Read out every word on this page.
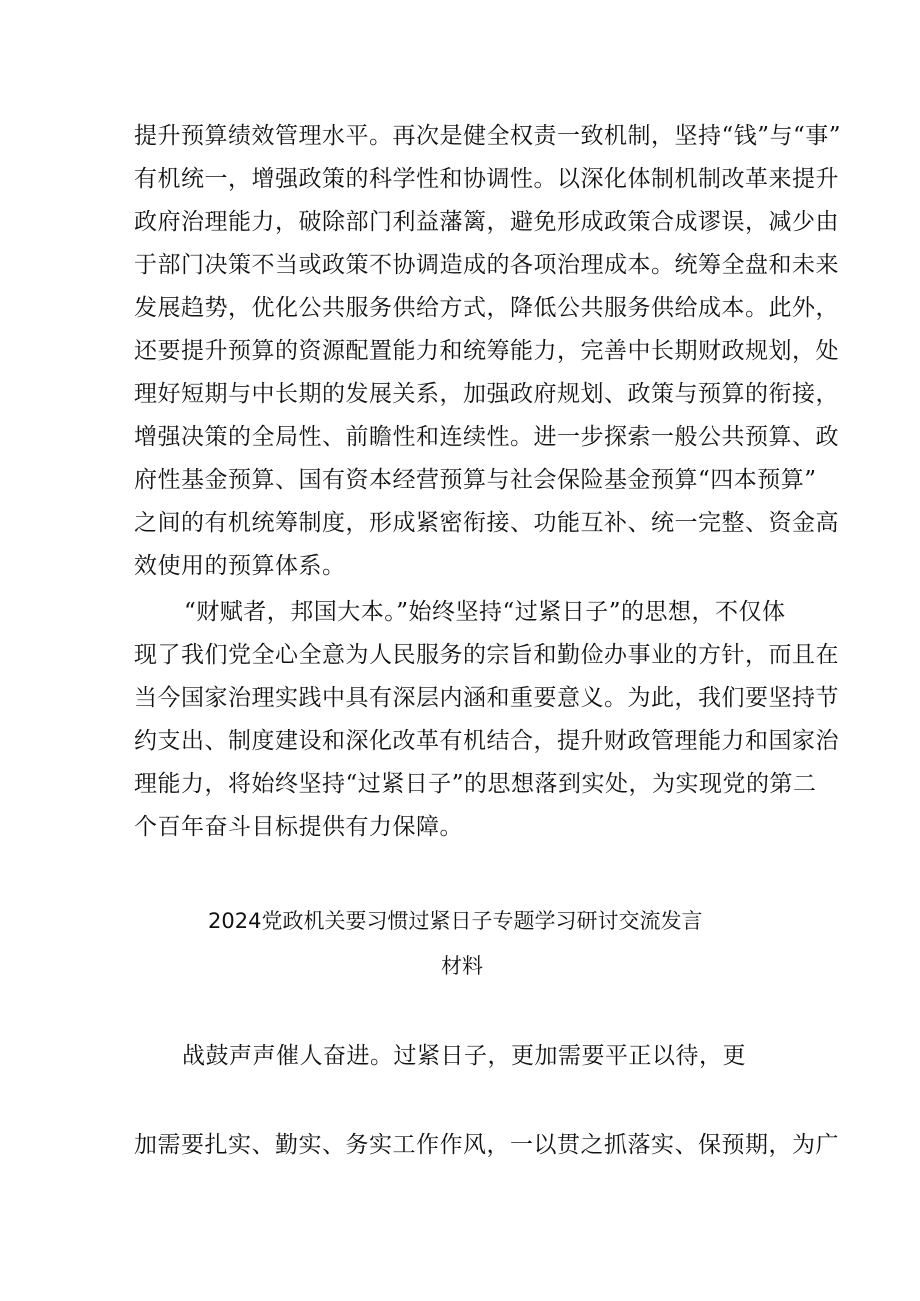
提升预算绩效管理水平。再次是健全权责一致机制，坚持“钱”与“事”
有机统一，增强政策的科学性和协调性。以深化体制机制改革来提升
政府治理能力，破除部门利益藩篱，避免形成政策合成谬误，减少由
于部门决策不当或政策不协调造成的各项治理成本。统筹全盘和未来
发展趋势，优化公共服务供给方式，降低公共服务供给成本。此外，
还要提升预算的资源配置能力和统筹能力，完善中长期财政规划，处
理好短期与中长期的发展关系，加强政府规划、政策与预算的衔接，
增强决策的全局性、前瞻性和连续性。进一步探索一般公共预算、政
府性基金预算、国有资本经营预算与社会保险基金预算“四本预算”
之间的有机统筹制度，形成紧密衔接、功能互补、统一完整、资金高
效使用的预算体系。
“财赋者，邦国大本。”始终坚持“过紧日子”的思想，不仅体
现了我们党全心全意为人民服务的宗旨和勤俭办事业的方针，而且在
当今国家治理实践中具有深层内涵和重要意义。为此，我们要坚持节
约支出、制度建设和深化改革有机结合，提升财政管理能力和国家治
理能力，将始终坚持“过紧日子”的思想落到实处，为实现党的第二
个百年奋斗目标提供有力保障。
2024党政机关要习惯过紧日子专题学习研讨交流发言
材料
战鼓声声催人奋进。过紧日子，更加需要平正以待，更
加需要扎实、勤实、务实工作作风，一以贯之抓落实、保预期，为广
